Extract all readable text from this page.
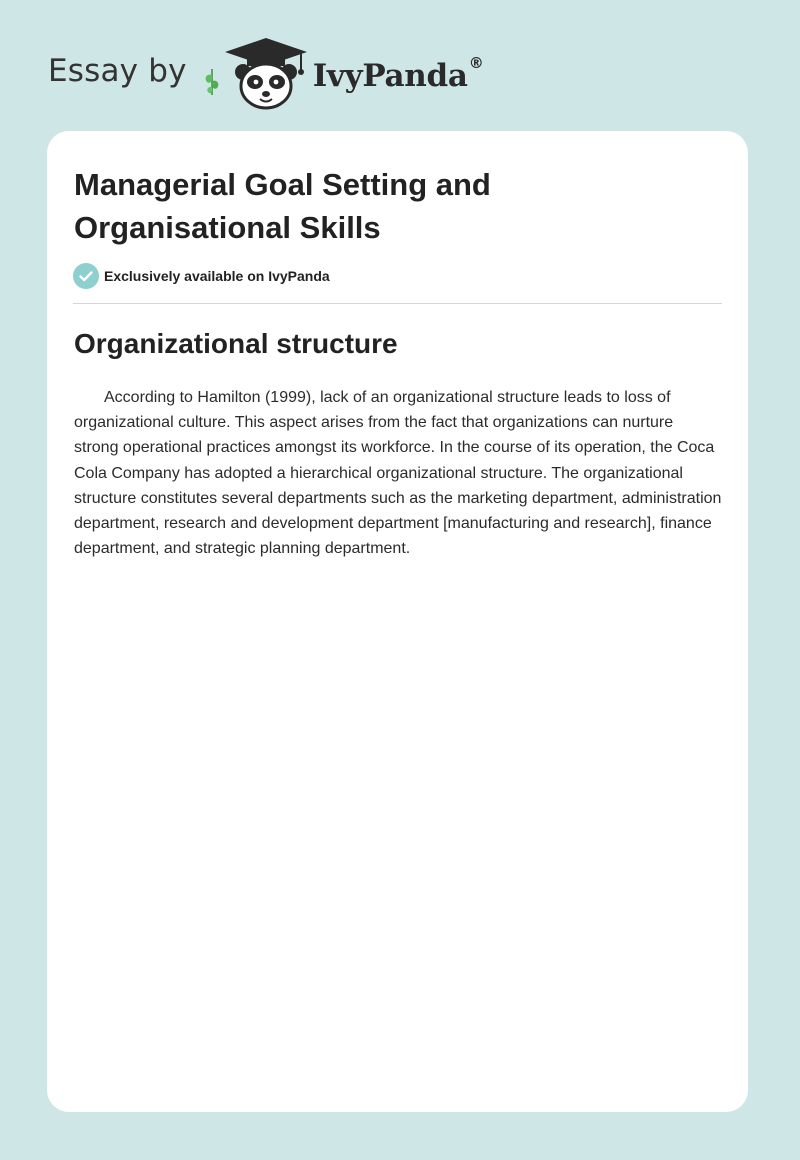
Essay by	IvyPanda®
Managerial Goal Setting and Organisational Skills
Exclusively available on IvyPanda
Organizational structure

According to Hamilton (1999), lack of an organizational structure leads to loss of organizational culture. This aspect arises from the fact that organizations can nurture strong operational practices amongst its workforce. In the course of its operation, the Coca Cola Company has adopted a hierarchical organizational structure. The organizational structure constitutes several departments such as the marketing department, administration department, research and development department [manufacturing and research], finance department, and strategic planning department.
